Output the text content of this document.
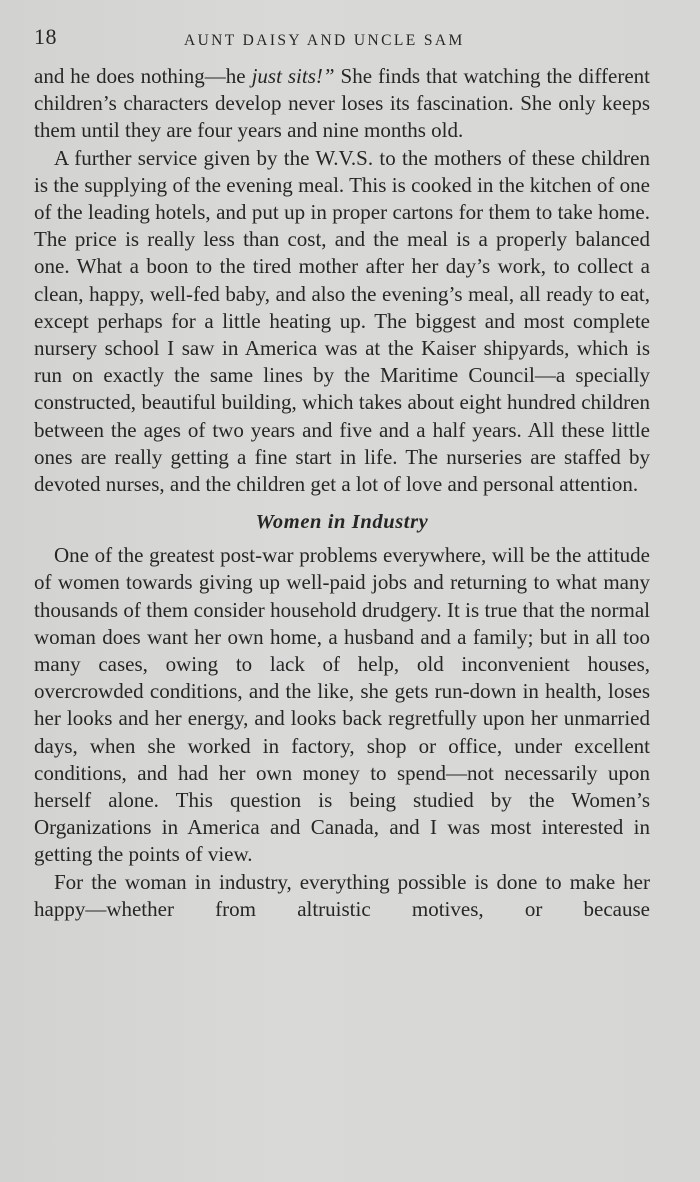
18	AUNT DAISY AND UNCLE SAM

and he does nothing—he just sits!” She finds that watching the different children’s characters develop never loses its fascination. She only keeps them until they are four years and nine months old.

A further service given by the W.V.S. to the mothers of these children is the supplying of the evening meal. This is cooked in the kitchen of one of the leading hotels, and put up in proper cartons for them to take home. The price is really less than cost, and the meal is a properly balanced one. What a boon to the tired mother after her day’s work, to collect a clean, happy, well-fed baby, and also the evening’s meal, all ready to eat, except perhaps for a little heating up. The biggest and most complete nursery school I saw in America was at the Kaiser shipyards, which is run on exactly the same lines by the Maritime Council—a specially constructed, beautiful building, which takes about eight hundred children between the ages of two years and five and a half years. All these little ones are really getting a fine start in life. The nurseries are staffed by devoted nurses, and the children get a lot of love and personal attention.

Women in Industry

One of the greatest post-war problems everywhere, will be the attitude of women towards giving up well-paid jobs and returning to what many thousands of them consider household drudgery. It is true that the normal woman does want her own home, a husband and a family; but in all too many cases, owing to lack of help, old inconvenient houses, overcrowded conditions, and the like, she gets run-down in health, loses her looks and her energy, and looks back regretfully upon her unmarried days, when she worked in factory, shop or office, under excellent conditions, and had her own money to spend—not necessarily upon herself alone. This question is being studied by the Women’s Organizations in America and Canada, and I was most interested in getting the points of view.

For the woman in industry, everything possible is done to make her happy—whether from altruistic motives, or because
